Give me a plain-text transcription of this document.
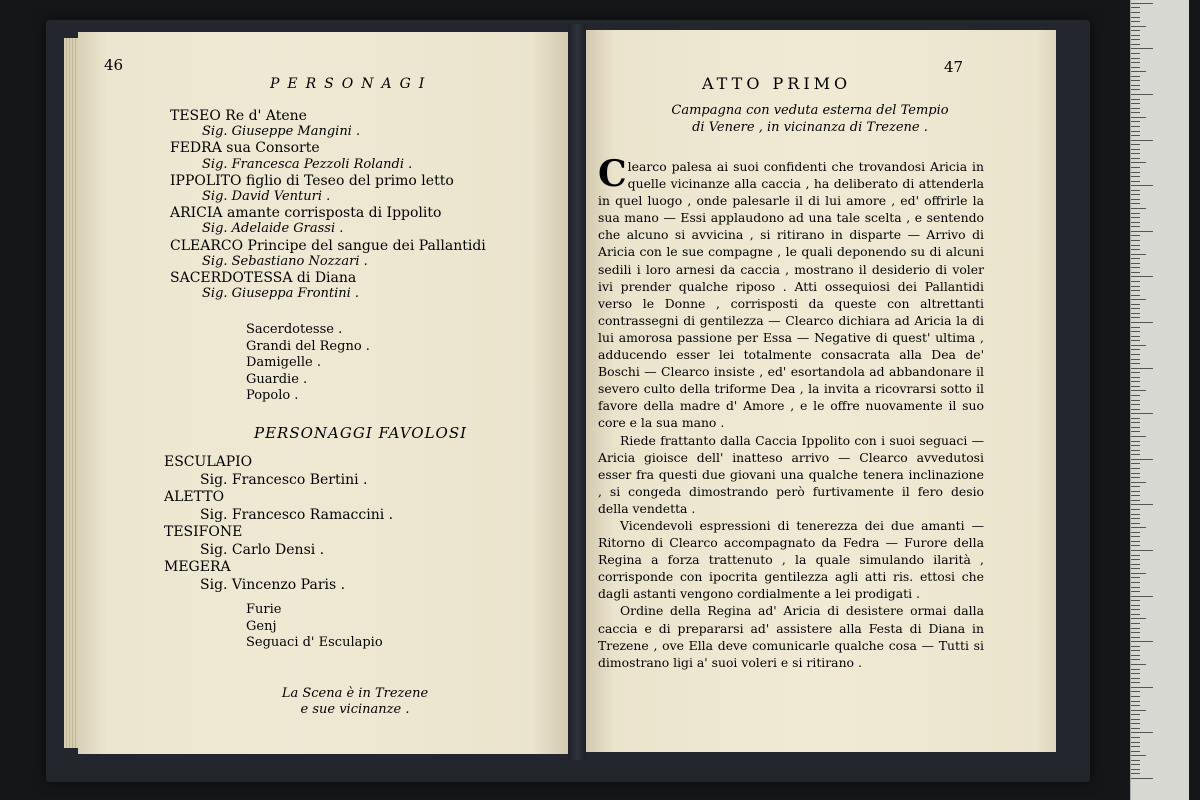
46
PERSONAGI
TESEO Re d' Atene
Sig. Giuseppe Mangini .
FEDRA sua Consorte
Sig. Francesca Pezzoli Rolandi .
IPPOLITO figlio di Teseo del primo letto
Sig. David Venturi .
ARICIA amante corrisposta di Ippolito
Sig. Adelaide Grassi .
CLEARCO Principe del sangue dei Pallantidi
Sig. Sebastiano Nozzari .
SACERDOTESSA di Diana
Sig. Giuseppa Frontini .
Sacerdotesse .
Grandi del Regno .
Damigelle .
Guardie .
Popolo .
PERSONAGGI FAVOLOSI
ESCULAPIO
Sig. Francesco Bertini .
ALETTO
Sig. Francesco Ramaccini .
TESIFONE
Sig. Carlo Densi .
MEGERA
Sig. Vincenzo Paris .
Furie
Genj
Seguaci d' Esculapio
La Scena è in Trezene
e sue vicinanze .
ATTO PRIMO
47
Campagna con veduta esterna del Tempio
di Venere , in vicinanza di Trezene .

Clearco palesa ai suoi confidenti che trovandosi Aricia in quelle vicinanze alla caccia , ha deliberato di attenderla in quel luogo , onde palesarle il di lui amore , ed' offrirle la sua mano — Essi applaudono ad una tale scelta , e sentendo che alcuno si avvicina , si ritirano in disparte — Arrivo di Aricia con le sue compagne , le quali deponendo su di alcuni sedili i loro arnesi da caccia , mostrano il desiderio di voler ivi prender qualche riposo . Atti ossequiosi dei Pallantidi verso le Donne , corrisposti da queste con altrettanti contrassegni di gentilezza — Clearco dichiara ad Aricia la di lui amorosa passione per Essa — Negative di quest' ultima , adducendo esser lei totalmente consacrata alla Dea de' Boschi — Clearco insiste , ed' esortandola ad abbandonare il severo culto della triforme Dea , la invita a ricovrarsi sotto il favore della madre d' Amore , e le offre nuovamente il suo core e la sua mano .

Riede frattanto dalla Caccia Ippolito con i suoi seguaci — Aricia gioisce dell' inatteso arrivo — Clearco avvedutosi esser fra questi due giovani una qualche tenera inclinazione , si congeda dimostrando però furtivamente il fero desio della vendetta .

Vicendevoli espressioni di tenerezza dei due amanti — Ritorno di Clearco accompagnato da Fedra — Furore della Regina a forza trattenuto , la quale simulando ilarità , corrisponde con ipocrita gentilezza agli atti ris. ettosi che dagli astanti vengono cordialmente a lei prodigati .

Ordine della Regina ad' Aricia di desistere ormai dalla caccia e di prepararsi ad' assistere alla Festa di Diana in Trezene , ove Ella deve comunicarle qualche cosa — Tutti si dimostrano ligi a' suoi voleri e si ritirano .
